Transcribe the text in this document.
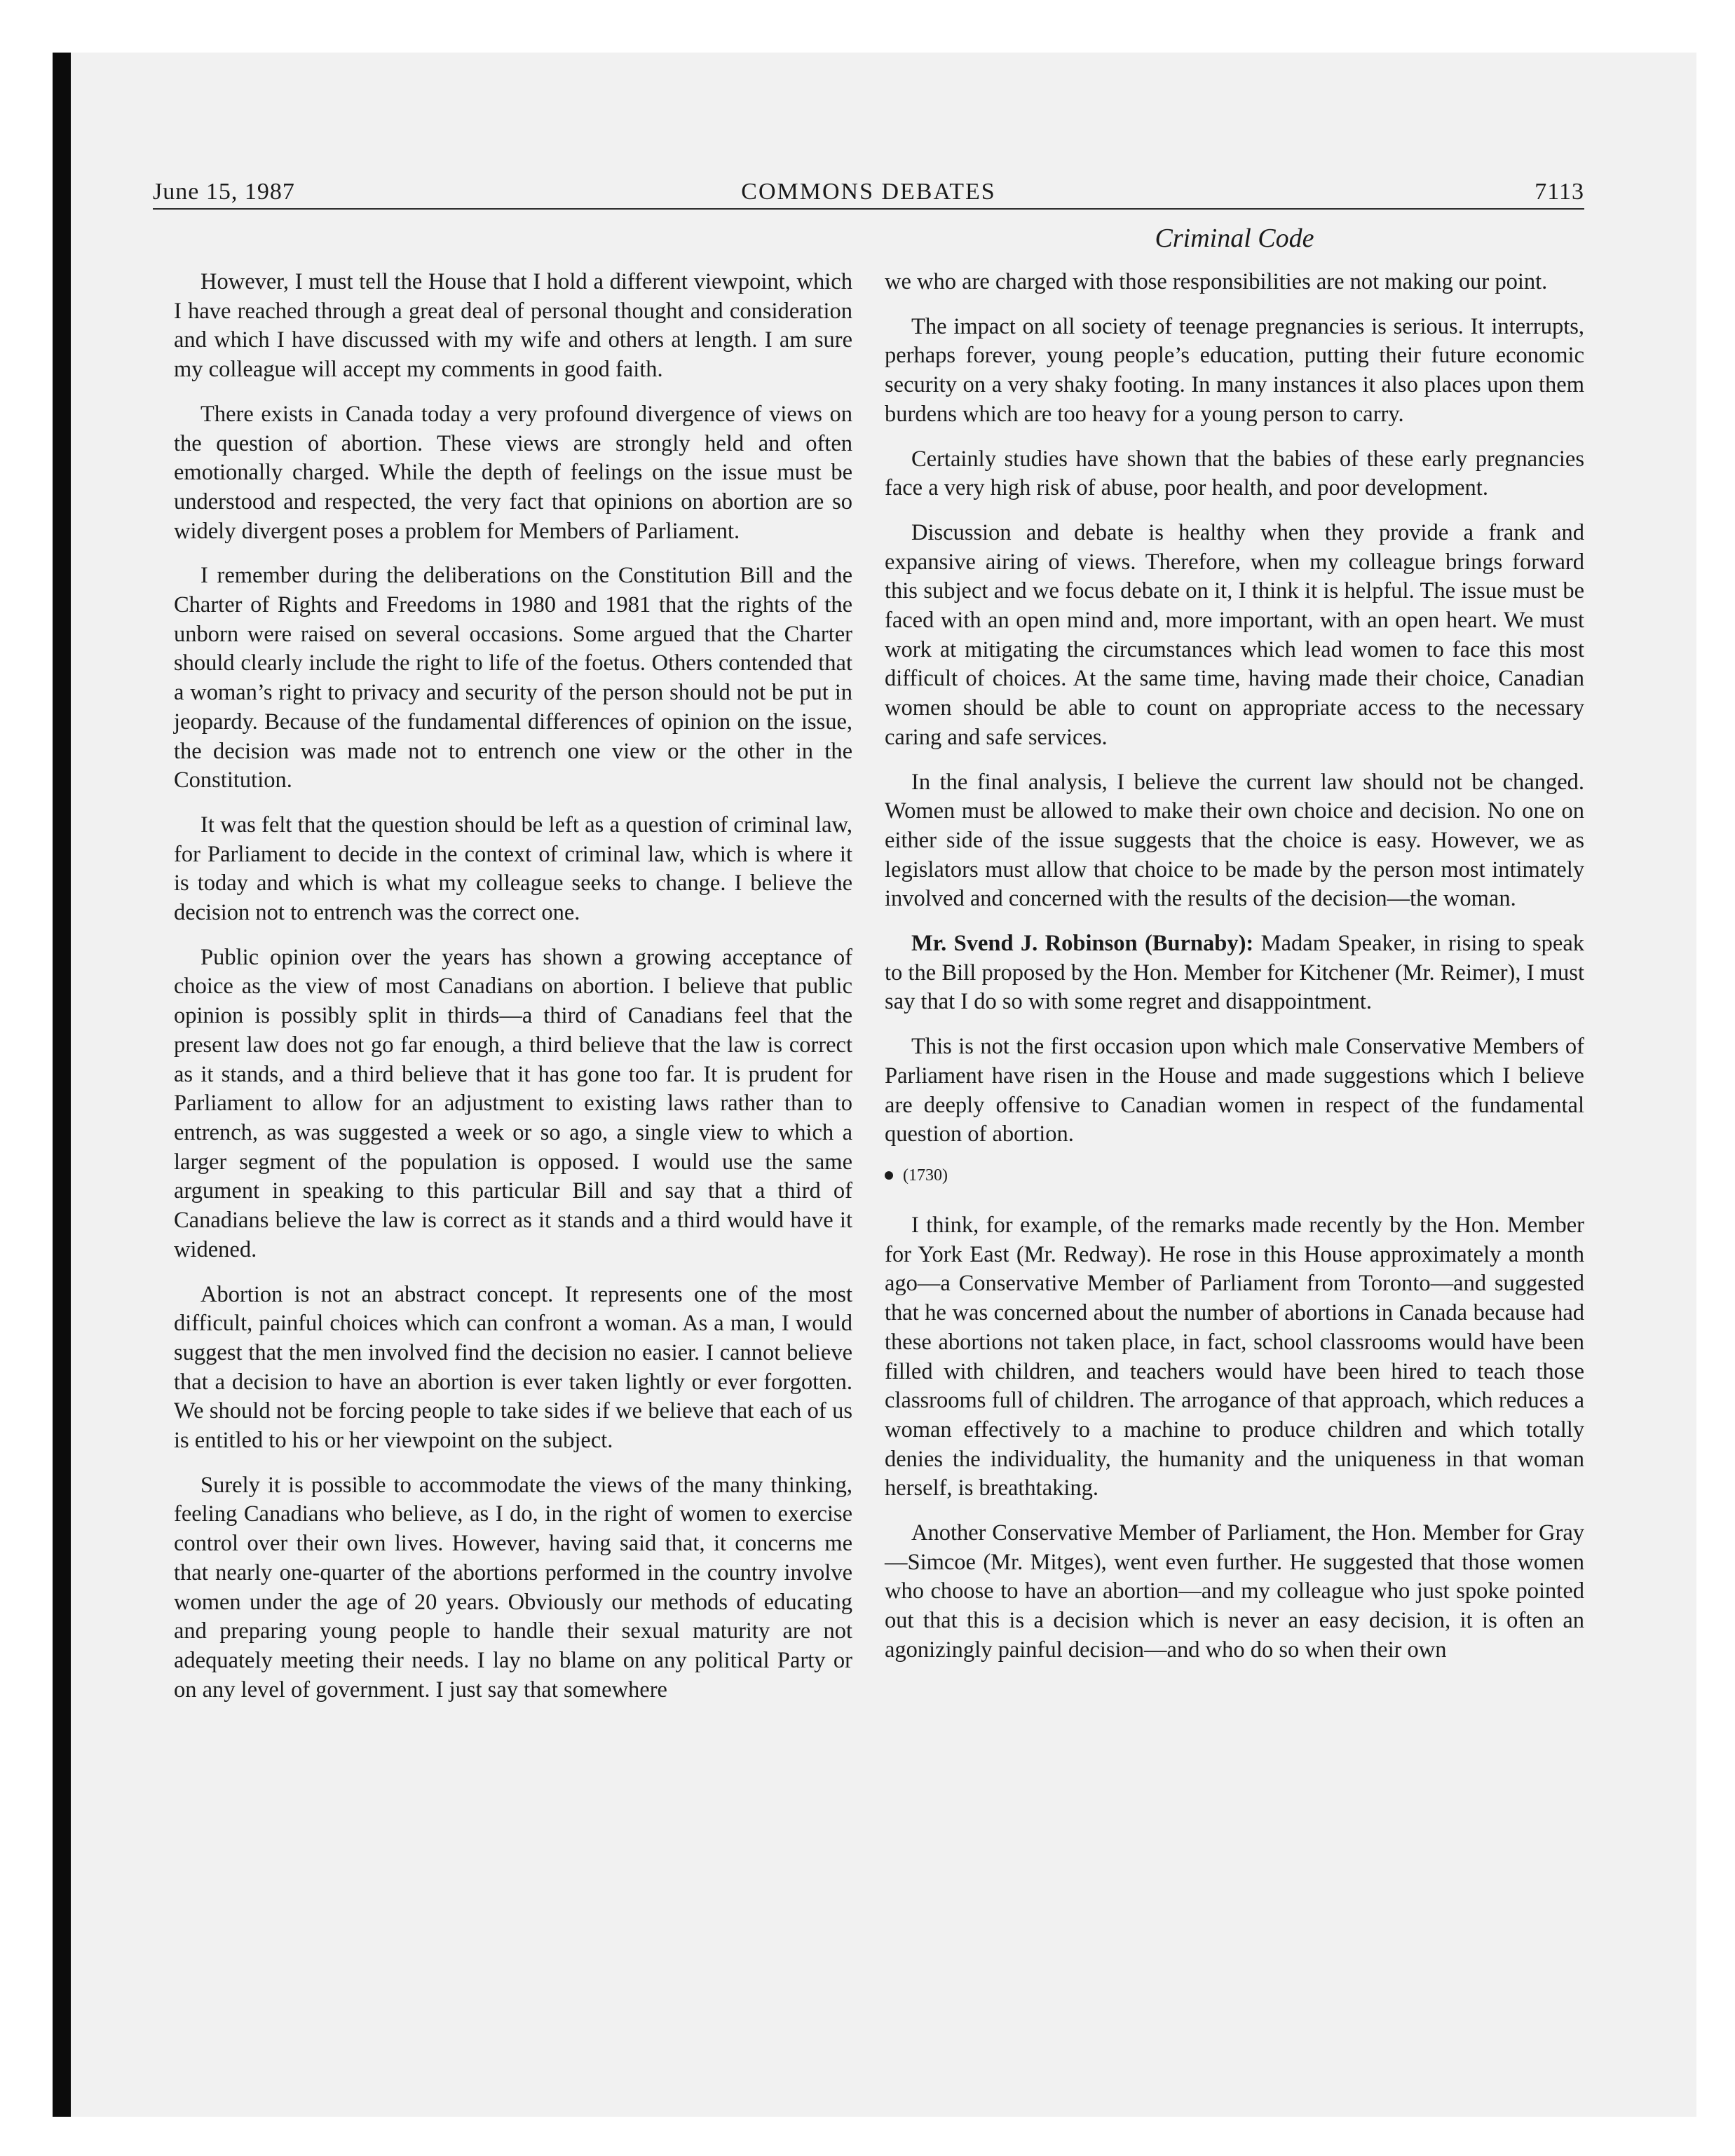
June 15, 1987	COMMONS DEBATES	7113
Criminal Code

However, I must tell the House that I hold a different viewpoint, which I have reached through a great deal of personal thought and consideration and which I have discussed with my wife and others at length. I am sure my colleague will accept my comments in good faith.

There exists in Canada today a very profound divergence of views on the question of abortion. These views are strongly held and often emotionally charged. While the depth of feelings on the issue must be understood and respected, the very fact that opinions on abortion are so widely divergent poses a problem for Members of Parliament.

I remember during the deliberations on the Constitution Bill and the Charter of Rights and Freedoms in 1980 and 1981 that the rights of the unborn were raised on several occasions. Some argued that the Charter should clearly include the right to life of the foetus. Others contended that a woman’s right to privacy and security of the person should not be put in jeopardy. Because of the fundamental differences of opinion on the issue, the decision was made not to entrench one view or the other in the Constitution.

It was felt that the question should be left as a question of criminal law, for Parliament to decide in the context of criminal law, which is where it is today and which is what my colleague seeks to change. I believe the decision not to entrench was the correct one.

Public opinion over the years has shown a growing acceptance of choice as the view of most Canadians on abortion. I believe that public opinion is possibly split in thirds—a third of Canadians feel that the present law does not go far enough, a third believe that the law is correct as it stands, and a third believe that it has gone too far. It is prudent for Parliament to allow for an adjustment to existing laws rather than to entrench, as was suggested a week or so ago, a single view to which a larger segment of the population is opposed. I would use the same argument in speaking to this particular Bill and say that a third of Canadians believe the law is correct as it stands and a third would have it widened.

Abortion is not an abstract concept. It represents one of the most difficult, painful choices which can confront a woman. As a man, I would suggest that the men involved find the decision no easier. I cannot believe that a decision to have an abortion is ever taken lightly or ever forgotten. We should not be forcing people to take sides if we believe that each of us is entitled to his or her viewpoint on the subject.

Surely it is possible to accommodate the views of the many thinking, feeling Canadians who believe, as I do, in the right of women to exercise control over their own lives. However, having said that, it concerns me that nearly one-quarter of the abortions performed in the country involve women under the age of 20 years. Obviously our methods of educating and preparing young people to handle their sexual maturity are not adequately meeting their needs. I lay no blame on any political Party or on any level of government. I just say that somewhere

we who are charged with those responsibilities are not making our point.

The impact on all society of teenage pregnancies is serious. It interrupts, perhaps forever, young people’s education, putting their future economic security on a very shaky footing. In many instances it also places upon them burdens which are too heavy for a young person to carry.

Certainly studies have shown that the babies of these early pregnancies face a very high risk of abuse, poor health, and poor development.

Discussion and debate is healthy when they provide a frank and expansive airing of views. Therefore, when my colleague brings forward this subject and we focus debate on it, I think it is helpful. The issue must be faced with an open mind and, more important, with an open heart. We must work at mitigating the circumstances which lead women to face this most difficult of choices. At the same time, having made their choice, Canadian women should be able to count on appropriate access to the necessary caring and safe services.

In the final analysis, I believe the current law should not be changed. Women must be allowed to make their own choice and decision. No one on either side of the issue suggests that the choice is easy. However, we as legislators must allow that choice to be made by the person most intimately involved and concerned with the results of the decision—the woman.

Mr. Svend J. Robinson (Burnaby): Madam Speaker, in rising to speak to the Bill proposed by the Hon. Member for Kitchener (Mr. Reimer), I must say that I do so with some regret and disappointment.

This is not the first occasion upon which male Conservative Members of Parliament have risen in the House and made suggestions which I believe are deeply offensive to Canadian women in respect of the fundamental question of abortion.

(1730)

I think, for example, of the remarks made recently by the Hon. Member for York East (Mr. Redway). He rose in this House approximately a month ago—a Conservative Member of Parliament from Toronto—and suggested that he was concerned about the number of abortions in Canada because had these abortions not taken place, in fact, school classrooms would have been filled with children, and teachers would have been hired to teach those classrooms full of children. The arrogance of that approach, which reduces a woman effectively to a machine to produce children and which totally denies the individuality, the humanity and the uniqueness in that woman herself, is breathtaking.

Another Conservative Member of Parliament, the Hon. Member for Gray—Simcoe (Mr. Mitges), went even further. He suggested that those women who choose to have an abortion—and my colleague who just spoke pointed out that this is a decision which is never an easy decision, it is often an agonizingly painful decision—and who do so when their own
